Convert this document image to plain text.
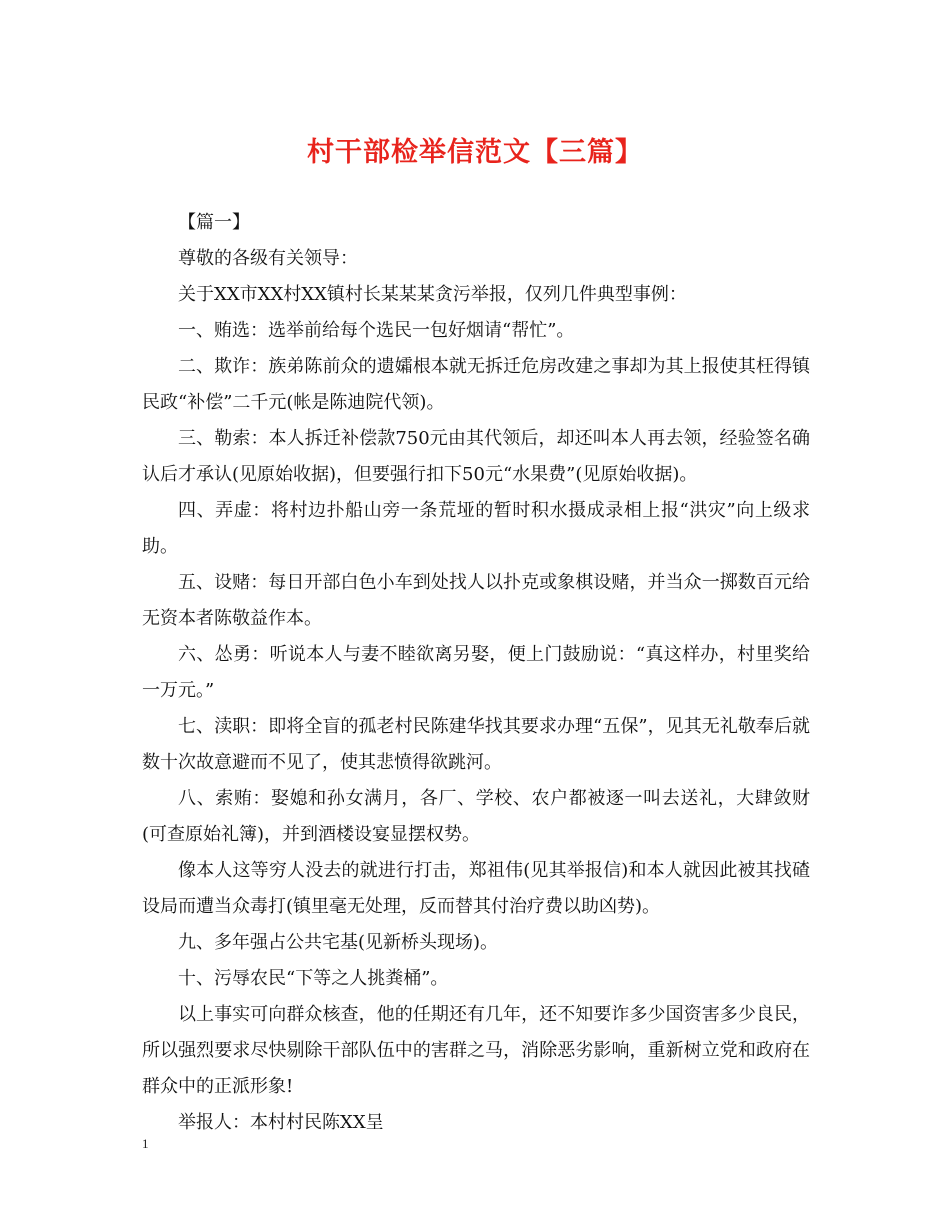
村干部检举信范文【三篇】

【篇一】

尊敬的各级有关领导：

关于XX市XX村XX镇村长某某某贪污举报，仅列几件典型事例：

一、贿选：选举前给每个选民一包好烟请“帮忙”。

二、欺诈：族弟陈前众的遗孀根本就无拆迁危房改建之事却为其上报使其枉得镇民政“补偿”二千元(帐是陈迪院代领)。

三、勒索：本人拆迁补偿款750元由其代领后，却还叫本人再去领，经验签名确认后才承认(见原始收据)，但要强行扣下50元“水果费”(见原始收据)。

四、弄虚：将村边扑船山旁一条荒垭的暂时积水摄成录相上报“洪灾”向上级求助。

五、设赌：每日开部白色小车到处找人以扑克或象棋设赌，并当众一掷数百元给无资本者陈敬益作本。

六、怂勇：听说本人与妻不睦欲离另娶，便上门鼓励说：“真这样办，村里奖给一万元。”

七、渎职：即将全盲的孤老村民陈建华找其要求办理“五保”，见其无礼敬奉后就数十次故意避而不见了，使其悲愤得欲跳河。

八、索贿：娶媳和孙女满月，各厂、学校、农户都被逐一叫去送礼，大肆敛财(可查原始礼簿)，并到酒楼设宴显摆权势。

像本人这等穷人没去的就进行打击，郑祖伟(见其举报信)和本人就因此被其找碴设局而遭当众毒打(镇里毫无处理，反而替其付治疗费以助凶势)。

九、多年强占公共宅基(见新桥头现场)。

十、污辱农民“下等之人挑粪桶”。

以上事实可向群众核查，他的任期还有几年，还不知要诈多少国资害多少良民，所以强烈要求尽快剔除干部队伍中的害群之马，消除恶劣影响，重新树立党和政府在群众中的正派形象!

举报人：本村村民陈XX呈

1
